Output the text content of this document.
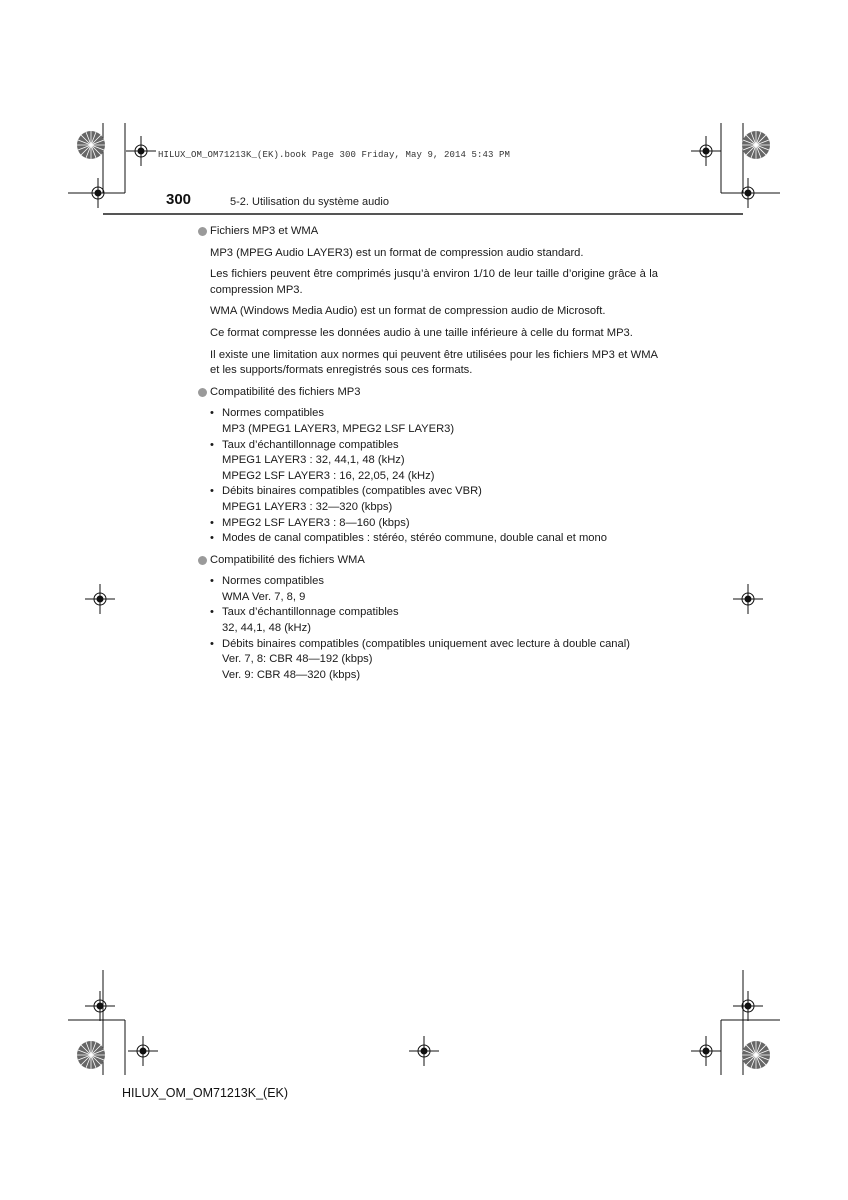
HILUX_OM_OM71213K_(EK).book Page 300 Friday, May 9, 2014 5:43 PM
300	5-2. Utilisation du système audio
Fichiers MP3 et WMA

MP3 (MPEG Audio LAYER3) est un format de compression audio standard.

Les fichiers peuvent être comprimés jusqu’à environ 1/10 de leur taille d’origine grâce à la compression MP3.

WMA (Windows Media Audio) est un format de compression audio de Microsoft.

Ce format compresse les données audio à une taille inférieure à celle du format MP3.

Il existe une limitation aux normes qui peuvent être utilisées pour les fichiers MP3 et WMA et les supports/formats enregistrés sous ces formats.

Compatibilité des fichiers MP3
• Normes compatibles
MP3 (MPEG1 LAYER3, MPEG2 LSF LAYER3)
• Taux d’échantillonnage compatibles
MPEG1 LAYER3 : 32, 44,1, 48 (kHz)
MPEG2 LSF LAYER3 : 16, 22,05, 24 (kHz)
• Débits binaires compatibles (compatibles avec VBR)
MPEG1 LAYER3 : 32—320 (kbps)
• MPEG2 LSF LAYER3 : 8—160 (kbps)
• Modes de canal compatibles : stéréo, stéréo commune, double canal et mono
Compatibilité des fichiers WMA
• Normes compatibles
WMA Ver. 7, 8, 9
• Taux d’échantillonnage compatibles
32, 44,1, 48 (kHz)
• Débits binaires compatibles (compatibles uniquement avec lecture à double canal)
Ver. 7, 8: CBR 48—192 (kbps)
Ver. 9: CBR 48—320 (kbps)
HILUX_OM_OM71213K_(EK)
